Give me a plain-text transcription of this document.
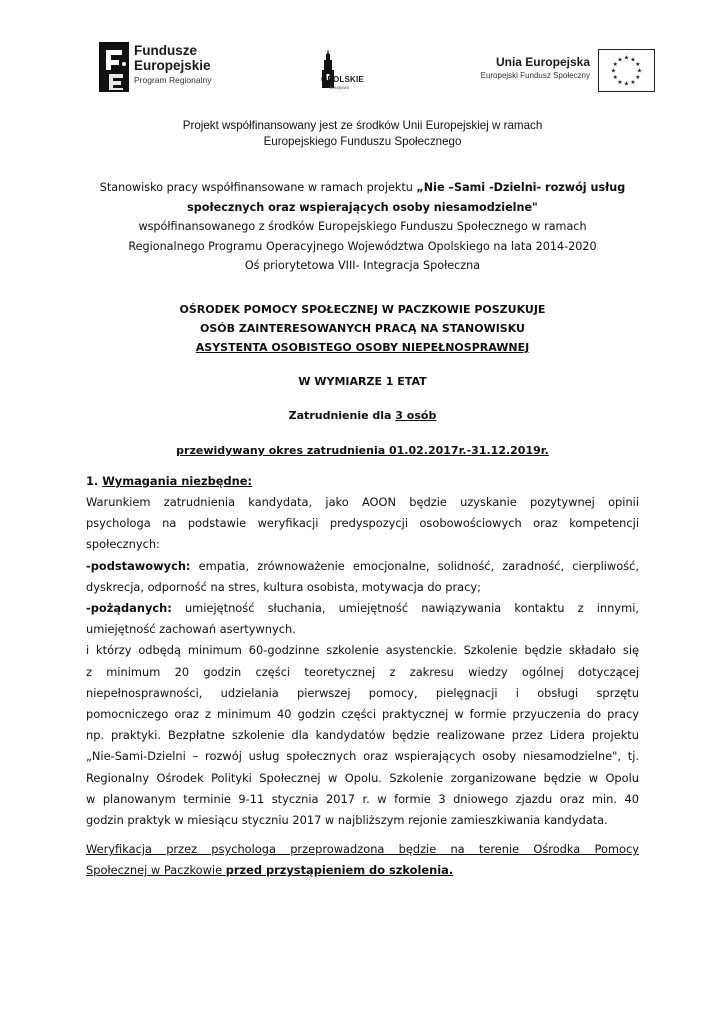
Fundusze
Europejskie
Program Regionalny	OPOLSKIE
kreatywni
Unia Europejska
Europejski Fundusz Społeczny
★ ★
★
★
★
★
★
★
★
★
★
★
Projekt współfinansowany jest ze środków Unii Europejskiej w ramach
Europejskiego Funduszu Społecznego
Stanowisko pracy współfinansowane w ramach projektu „Nie –Sami -Dzielni- rozwój usług
społecznych oraz wspierających osoby niesamodzielne"
współfinansowanego z środków Europejskiego Funduszu Społecznego w ramach
Regionalnego Programu Operacyjnego Województwa Opolskiego na lata 2014-2020
Oś priorytetowa VIII- Integracja Społeczna
OŚRODEK POMOCY SPOŁECZNEJ W PACZKOWIE POSZUKUJE
OSÓB ZAINTERESOWANYCH PRACĄ NA STANOWISKU
ASYSTENTA OSOBISTEGO OSOBY NIEPEŁNOSPRAWNEJ
W WYMIARZE 1 ETAT
Zatrudnienie dla 3 osób
przewidywany okres zatrudnienia 01.02.2017r.-31.12.2019r.
1. Wymagania niezbędne:
Warunkiem zatrudnienia kandydata, jako AOON będzie uzyskanie pozytywnej opinii
psychologa na podstawie weryfikacji predyspozycji osobowościowych oraz kompetencji
społecznych:
-podstawowych: empatia, zrównoważenie emocjonalne, solidność, zaradność, cierpliwość,
dyskrecja, odporność na stres, kultura osobista, motywacja do pracy;
-pożądanych: umiejętność słuchania, umiejętność nawiązywania kontaktu z innymi,
umiejętność zachowań asertywnych.
i którzy odbędą minimum 60-godzinne szkolenie asystenckie. Szkolenie będzie składało się
z minimum 20 godzin części teoretycznej z zakresu wiedzy ogólnej dotyczącej
niepełnosprawności, udzielania pierwszej pomocy, pielęgnacji i obsługi sprzętu
pomocniczego oraz z minimum 40 godzin części praktycznej w formie przyuczenia do pracy
np. praktyki. Bezpłatne szkolenie dla kandydatów będzie realizowane przez Lidera projektu
„Nie-Sami-Dzielni – rozwój usług społecznych oraz wspierających osoby niesamodzielne", tj.
Regionalny Ośrodek Polityki Społecznej w Opolu. Szkolenie zorganizowane będzie w Opolu
w planowanym terminie 9-11 stycznia 2017 r. w formie 3 dniowego zjazdu oraz min. 40
godzin praktyk w miesiącu styczniu 2017 w najbliższym rejonie zamieszkiwania kandydata.
Weryfikacja przez psychologa przeprowadzona będzie na terenie Ośrodka Pomocy
Społecznej w Paczkowie przed przystąpieniem do szkolenia.
